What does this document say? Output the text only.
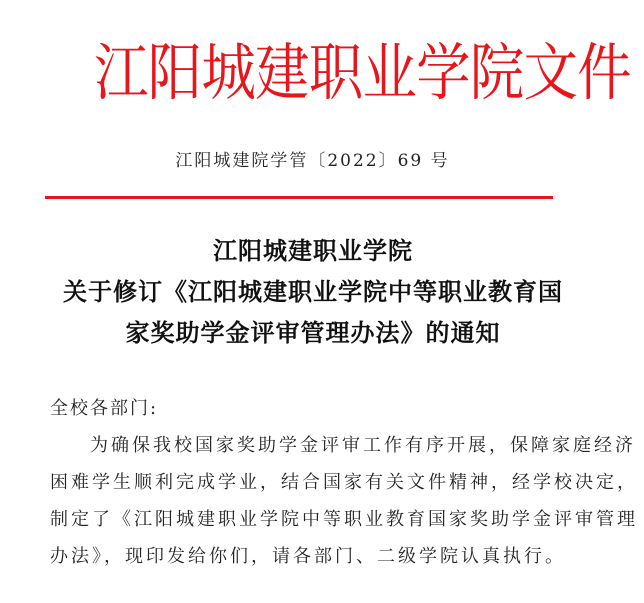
江阳城建职业学院文件
江阳城建院学管〔2022〕69 号
江阳城建职业学院
关于修订《江阳城建职业学院中等职业教育国
家奖助学金评审管理办法》的通知
全校各部门:
为确保我校国家奖助学金评审工作有序开展，保障家庭经济
困难学生顺利完成学业，结合国家有关文件精神，经学校决定，
制定了《江阳城建职业学院中等职业教育国家奖助学金评审管理
办法》，现印发给你们，请各部门、二级学院认真执行。
